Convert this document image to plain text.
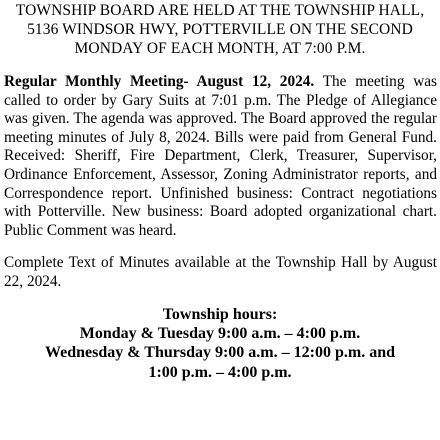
TOWNSHIP BOARD ARE HELD AT THE TOWNSHIP HALL, 5136 WINDSOR HWY, POTTERVILLE ON THE SECOND MONDAY OF EACH MONTH, AT 7:00 P.M.

Regular Monthly Meeting- August 12, 2024. The meeting was called to order by Gary Suits at 7:01 p.m. The Pledge of Allegiance was given. The agenda was approved. The Board approved the regular meeting minutes of July 8, 2024. Bills were paid from General Fund. Received: Sheriff, Fire Department, Clerk, Treasurer, Supervisor, Ordinance Enforcement, Assessor, Zoning Administrator reports, and Correspondence report. Unfinished business: Contract negotiations with Potterville. New business: Board adopted organizational chart. Public Comment was heard.

Complete Text of Minutes available at the Township Hall by August 22, 2024.

Township hours:
Monday & Tuesday 9:00 a.m. – 4:00 p.m.
Wednesday & Thursday 9:00 a.m. – 12:00 p.m. and
1:00 p.m. – 4:00 p.m.
